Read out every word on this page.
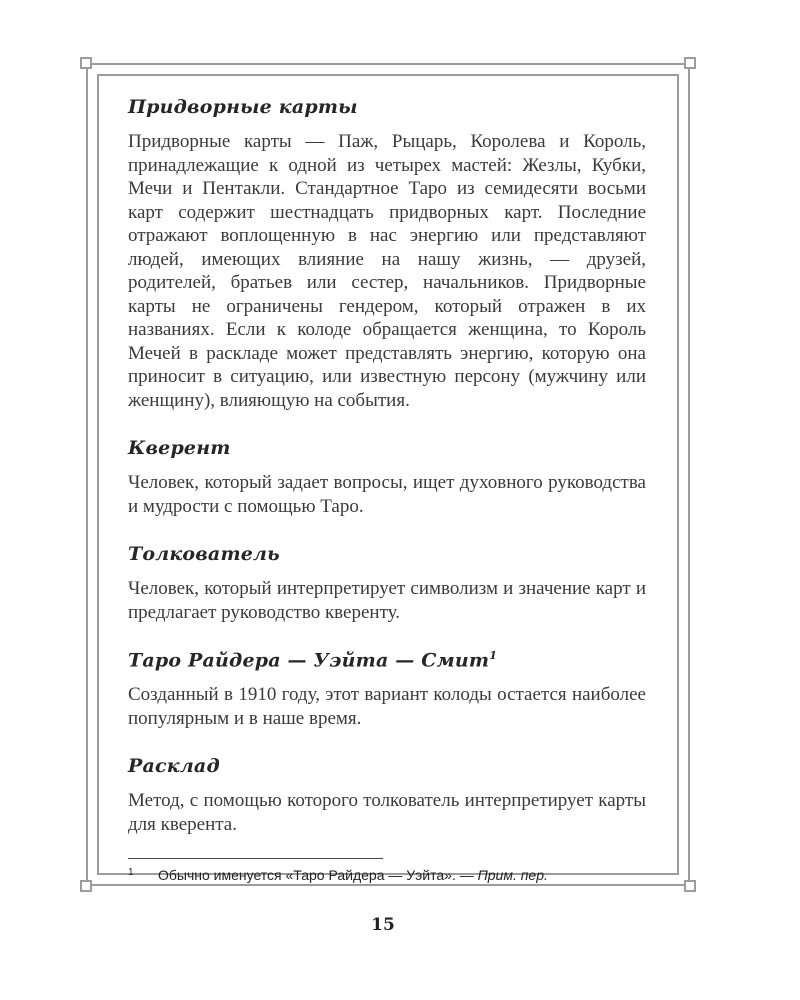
Придворные карты

Придворные карты — Паж, Рыцарь, Королева и Король, принадлежащие к одной из четырех мастей: Жезлы, Кубки, Мечи и Пентакли. Стандартное Таро из семидесяти восьми карт содержит шестнадцать придворных карт. Последние отражают воплощенную в нас энергию или представляют людей, имеющих влияние на нашу жизнь, — друзей, родителей, братьев или сестер, начальников. Придворные карты не ограничены гендером, который отражен в их названиях. Если к колоде обращается женщина, то Король Мечей в раскладе может представлять энергию, которую она приносит в ситуацию, или известную персону (мужчину или женщину), влияющую на события.

Кверент

Человек, который задает вопросы, ищет духовного руководства и мудрости с помощью Таро.

Толкователь

Человек, который интерпретирует символизм и значение карт и предлагает руководство кверенту.

Таро Райдера — Уэйта — Смит$^1$

Созданный в 1910 году, этот вариант колоды остается наиболее популярным и в наше время.

Расклад

Метод, с помощью которого толкователь интерпретирует карты для кверента.

1	Обычно именуется «Таро Райдера — Уэйта». — Прим. пер.
15
